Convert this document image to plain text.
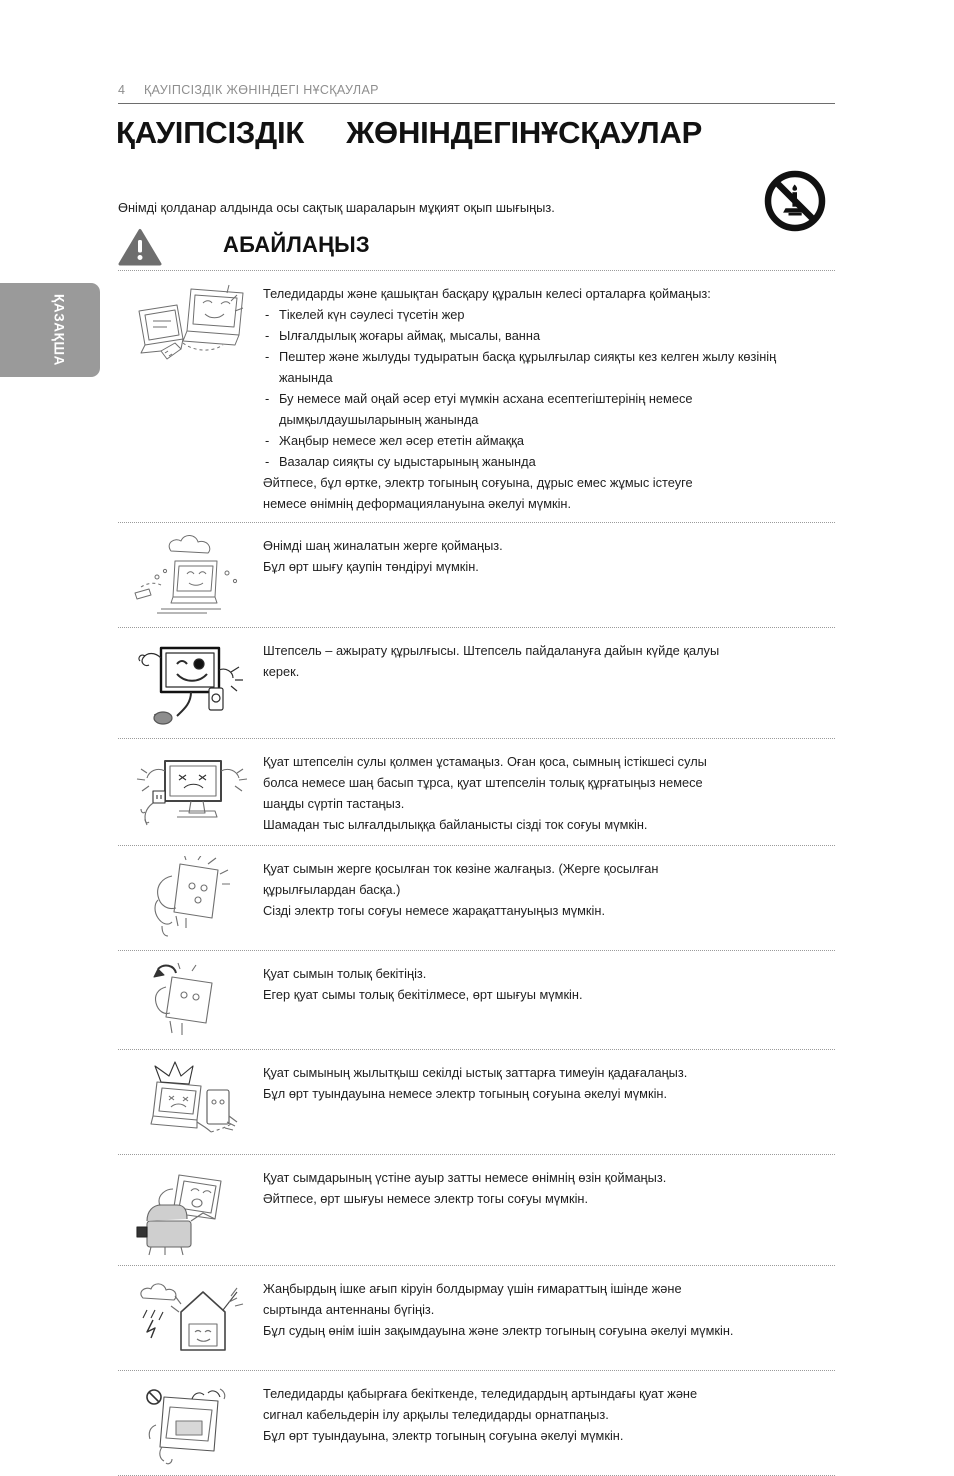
ҚАЗАҚША
4	ҚАУІПСІЗДІК ЖӨНІНДЕГІ НҰСҚАУЛАР
ҚАУІПСІЗДІК     ЖӨНІНДЕГІНҰСҚАУЛАР
Өнімді қолданар алдында осы сақтық шараларын мұқият оқып шығыңыз.
АБАЙЛАҢЫЗ
Теледидарды және қашықтан басқару құралын келесі орталарға қоймаңыз:
- Тікелей күн сәулесі түсетін жер
- Ылғалдылық жоғары аймақ, мысалы, ванна
- Пештер және жылуды тудыратын басқа құрылғылар сияқты кез келген жылу көзінің жанында
- Бу немесе май оңай әсер етуі мүмкін асхана есептегіштерінің немесе дымқылдаушыларының жанында
- Жаңбыр немесе жел әсер ететін аймаққа
- Вазалар сияқты су ыдыстарының жанында
Әйтпесе, бұл өртке, электр тогының соғуына, дұрыс емес жұмыс істеуге
немесе өнімнің деформациялануына әкелуі мүмкін.
Өнімді шаң жиналатын жерге қоймаңыз.
Бұл өрт шығу қаупін төндіруі мүмкін.
Штепсель – ажырату құрылғысы. Штепсель пайдалануға дайын күйде қалуы
керек.
Қуат штепселін сулы қолмен ұстамаңыз. Оған қоса, сымның істікшесі сулы
болса немесе шаң басып тұрса, қуат штепселін толық құрғатыңыз немесе
шаңды сүртіп тастаңыз.
Шамадан тыс ылғалдылыққа байланысты сізді ток соғуы мүмкін.
Қуат сымын жерге қосылған ток көзіне жалғаңыз. (Жерге қосылған
құрылғылардан басқа.)
Сізді электр тогы соғуы немесе жарақаттануыңыз мүмкін.
Қуат сымын толық бекітіңіз.
Егер қуат сымы толық бекітілмесе, өрт шығуы мүмкін.
Қуат сымының жылытқыш секілді ыстық заттарға тимеуін қадағалаңыз.
Бұл өрт туындауына немесе электр тогының соғуына әкелуі мүмкін.
Қуат сымдарының үстіне ауыр затты немесе өнімнің өзін қоймаңыз.
Әйтпесе, өрт шығуы немесе электр тогы соғуы мүмкін.
Жаңбырдың ішке ағып кіруін болдырмау үшін ғимараттың ішінде және
сыртында антеннаны бүгіңіз.
Бұл судың өнім ішін зақымдауына және электр тогының соғуына әкелуі мүмкін.
Теледидарды қабырғаға бекіткенде, теледидардың артындағы қуат және
сигнал кабельдерін ілу арқылы теледидарды орнатпаңыз.
Бұл өрт туындауына, электр тогының соғуына әкелуі мүмкін.
